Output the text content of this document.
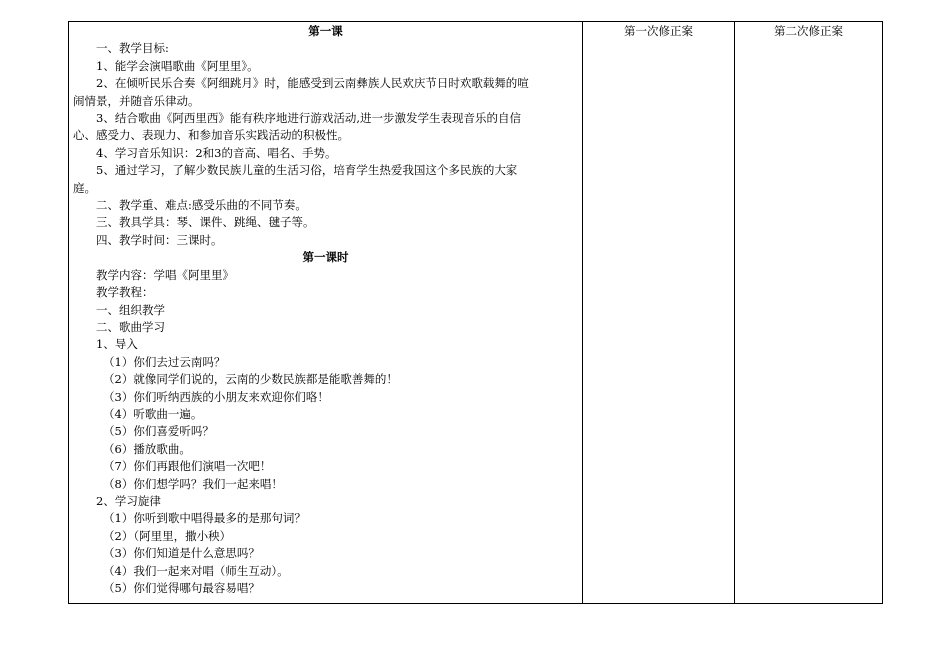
第一课
一、教学目标:
1、能学会演唱歌曲《阿里里》。
2、在倾听民乐合奏《阿细跳月》时，能感受到云南彝族人民欢庆节日时欢歌载舞的喧
闹情景，并随音乐律动。
3、结合歌曲《阿西里西》能有秩序地进行游戏活动,进一步激发学生表现音乐的自信
心、感受力、表现力、和参加音乐实践活动的积极性。
4、学习音乐知识：2和3的音高、唱名、手势。
5、通过学习，了解少数民族儿童的生活习俗，培育学生热爱我国这个多民族的大家
庭。
二、教学重、难点:感受乐曲的不同节奏。
三、教具学具：琴、课件、跳绳、毽子等。
四、教学时间：三课时。
第一课时
教学内容：学唱《阿里里》
教学教程：
一、组织教学
二、歌曲学习
1、导入
（1）你们去过云南吗？
（2）就像同学们说的，云南的少数民族都是能歌善舞的！
（3）你们听纳西族的小朋友来欢迎你们咯！
（4）听歌曲一遍。
（5）你们喜爱听吗？
（6）播放歌曲。
（7）你们再跟他们演唱一次吧！
（8）你们想学吗？我们一起来唱！
2、学习旋律
（1）你听到歌中唱得最多的是那句词？
（2）（阿里里，撒小秧）
（3）你们知道是什么意思吗？
（4）我们一起来对唱（师生互动）。
（5）你们觉得哪句最容易唱？
第一次修正案	第二次修正案
